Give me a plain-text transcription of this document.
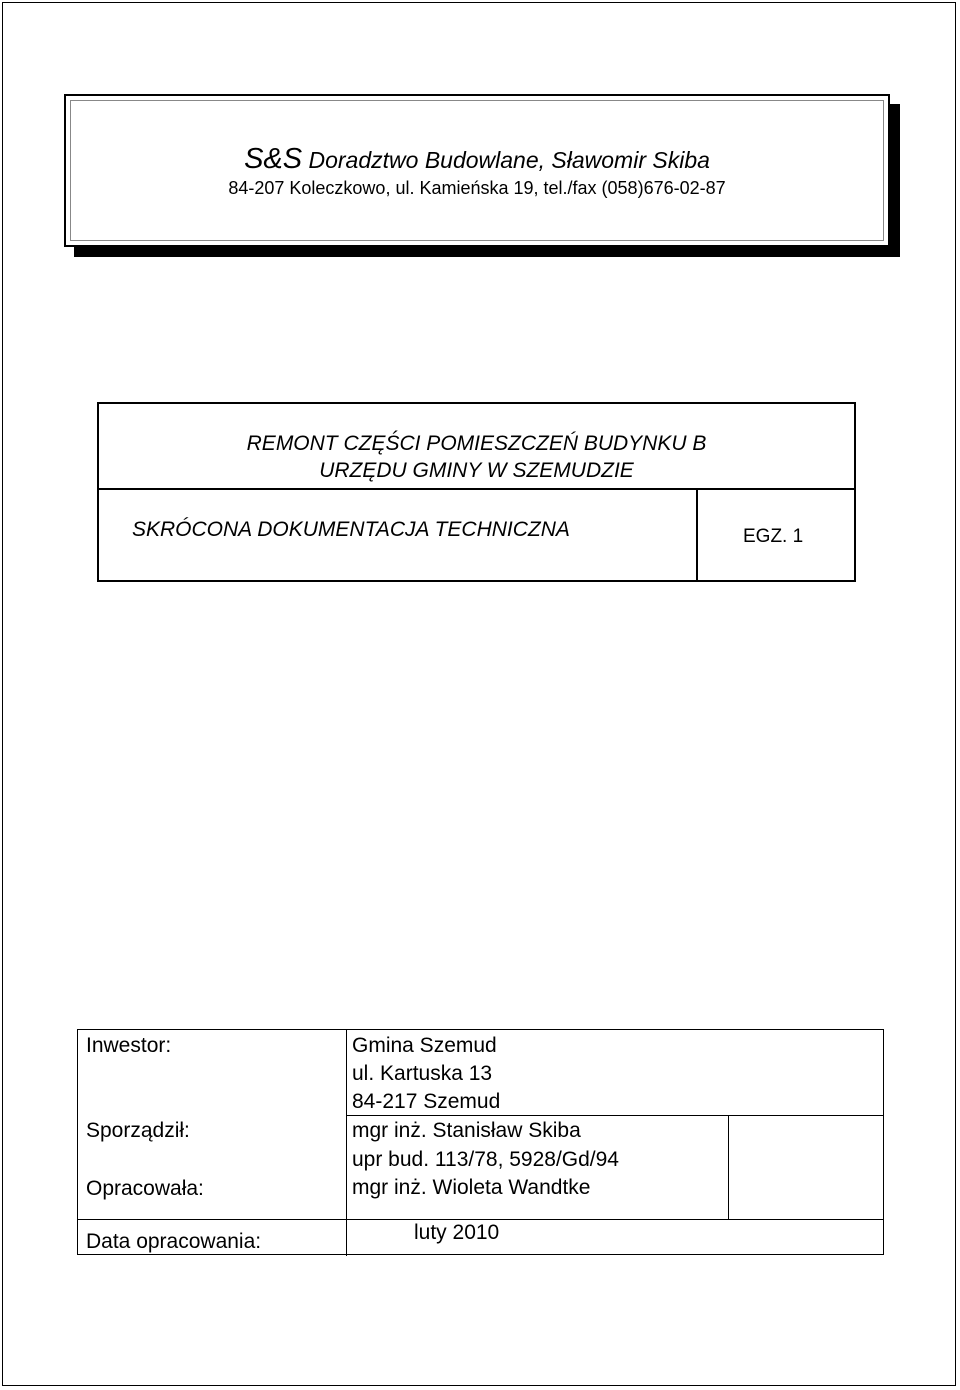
S&S Doradztwo Budowlane, Sławomir Skiba
84-207 Koleczkowo, ul. Kamieńska 19, tel./fax (058)676-02-87
REMONT CZĘŚCI POMIESZCZEŃ BUDYNKU B
URZĘDU GMINY W SZEMUDZIE
SKRÓCONA DOKUMENTACJA TECHNICZNA	EGZ. 1
Inwestor:	Gmina Szemud
ul. Kartuska 13
84-217 Szemud
Sporządził:	mgr inż. Stanisław Skiba
upr bud. 113/78, 5928/Gd/94
Opracowała:	mgr inż. Wioleta Wandtke
Data opracowania:	luty 2010
